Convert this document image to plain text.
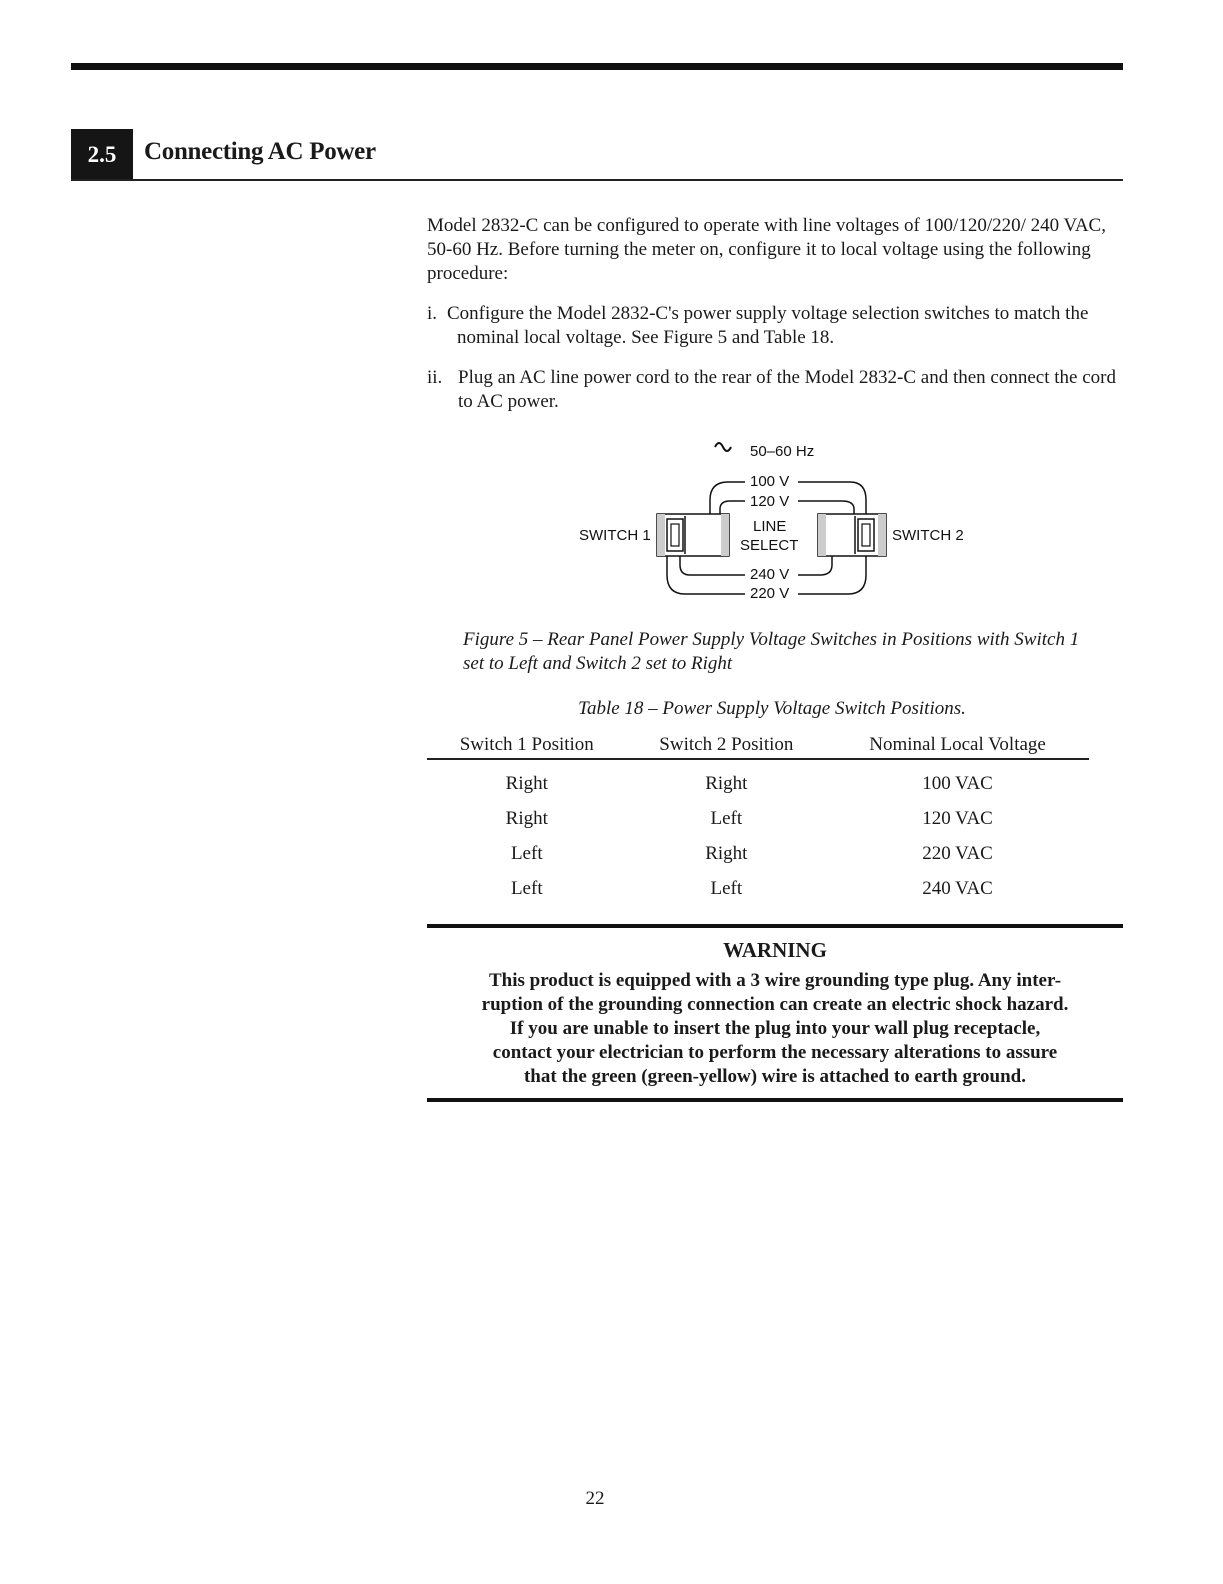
2.5	Connecting AC Power
Model 2832-C can be configured to operate with line voltages of 100/120/220/ 240 VAC, 50-60 Hz. Before turning the meter on, configure it to local voltage using the following procedure:
i. Configure the Model 2832-C's power supply voltage selection switches to match the nominal local voltage. See Figure 5 and Table 18.
ii. Plug an AC line power cord to the rear of the Model 2832-C and then connect the cord to AC power.
50–60 Hz
100 V
120 V
LINE
SELECT
240 V
220 V
SWITCH 1	SWITCH 2
Figure 5 – Rear Panel Power Supply Voltage Switches in Positions with Switch 1 set to Left and Switch 2 set to Right
Table 18 – Power Supply Voltage Switch Positions.
Switch 1 Position	Switch 2 Position	Nominal Local Voltage
Right	Right	100 VAC
Right	Left	120 VAC
Left	Right	220 VAC
Left	Left	240 VAC
WARNING
This product is equipped with a 3 wire grounding type plug. Any inter-
ruption of the grounding connection can create an electric shock hazard.
If you are unable to insert the plug into your wall plug receptacle,
contact your electrician to perform the necessary alterations to assure
that the green (green-yellow) wire is attached to earth ground.
22
